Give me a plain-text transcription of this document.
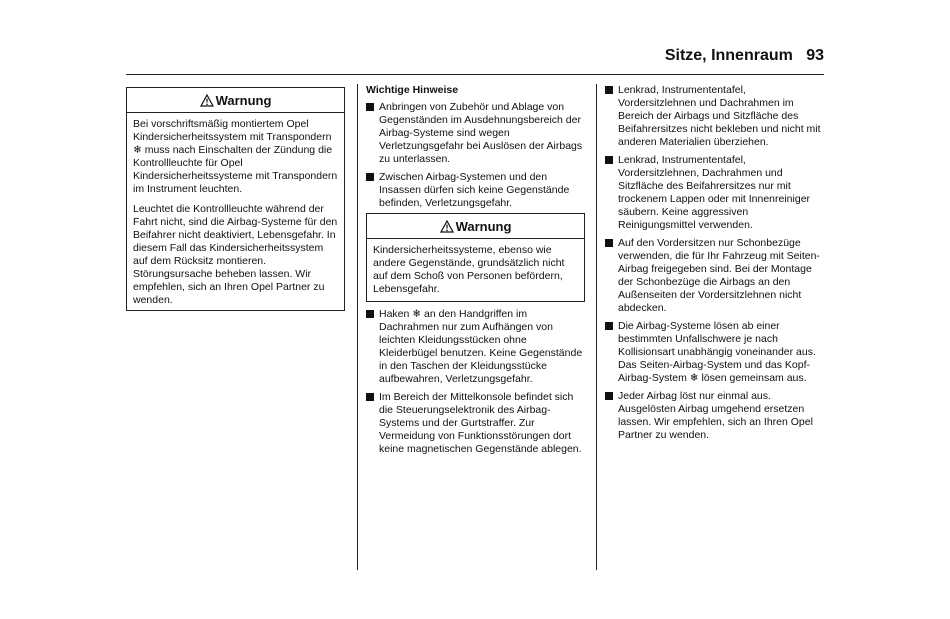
Sitze, Innenraum 93
Warnung

Bei vorschriftsmäßig montiertem Opel Kindersicherheitssystem mit Transpondern ❄ muss nach Einschalten der Zündung die Kontrollleuchte für Opel Kindersicherheitssysteme mit Transpondern im Instrument leuchten.

Leuchtet die Kontrollleuchte während der Fahrt nicht, sind die Airbag-Systeme für den Beifahrer nicht deaktiviert, Lebensgefahr. In diesem Fall das Kindersicherheitssystem auf dem Rücksitz montieren. Störungsursache beheben lassen. Wir empfehlen, sich an Ihren Opel Partner zu wenden.

Wichtige Hinweise
Anbringen von Zubehör und Ablage von Gegenständen im Ausdehnungsbereich der Airbag-Systeme sind wegen Verletzungsgefahr bei Auslösen der Airbags zu unterlassen.
Zwischen Airbag-Systemen und den Insassen dürfen sich keine Gegenstände befinden, Verletzungsgefahr.
Warnung

Kindersicherheitssysteme, ebenso wie andere Gegenstände, grundsätzlich nicht auf dem Schoß von Personen befördern, Lebensgefahr.

Haken ❄ an den Handgriffen im Dachrahmen nur zum Aufhängen von leichten Kleidungsstücken ohne Kleiderbügel benutzen. Keine Gegenstände in den Taschen der Kleidungsstücke aufbewahren, Verletzungsgefahr.
Im Bereich der Mittelkonsole befindet sich die Steuerungselektronik des Airbag-Systems und der Gurtstraffer. Zur Vermeidung von Funktionsstörungen dort keine magnetischen Gegenstände ablegen.
Lenkrad, Instrumententafel, Vordersitzlehnen und Dachrahmen im Bereich der Airbags und Sitzfläche des Beifahrersitzes nicht bekleben und nicht mit anderen Materialien überziehen.
Lenkrad, Instrumententafel, Vordersitzlehnen, Dachrahmen und Sitzfläche des Beifahrersitzes nur mit trockenem Lappen oder mit Innenreiniger säubern. Keine aggressiven Reinigungsmittel verwenden.
Auf den Vordersitzen nur Schonbezüge verwenden, die für Ihr Fahrzeug mit Seiten-Airbag freigegeben sind. Bei der Montage der Schonbezüge die Airbags an den Außenseiten der Vordersitzlehnen nicht abdecken.
Die Airbag-Systeme lösen ab einer bestimmten Unfallschwere je nach Kollisionsart unabhängig voneinander aus. Das Seiten-Airbag-System und das Kopf-Airbag-System ❄ lösen gemeinsam aus.
Jeder Airbag löst nur einmal aus. Ausgelösten Airbag umgehend ersetzen lassen. Wir empfehlen, sich an Ihren Opel Partner zu wenden.
